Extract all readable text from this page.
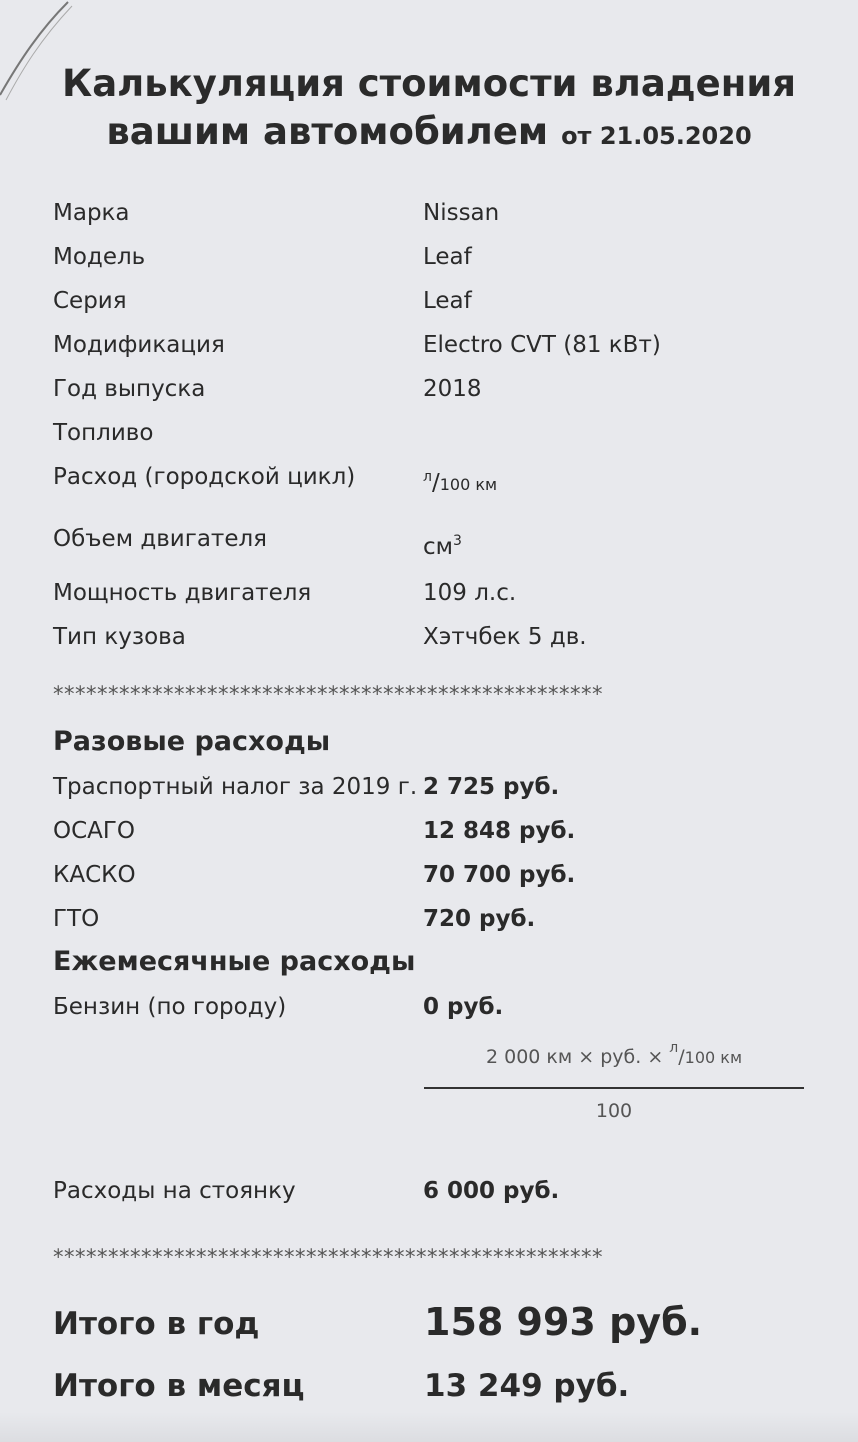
Калькуляция стоимости владения
вашим автомобилем от 21.05.2020
Марка	Nissan
Модель	Leaf
Серия	Leaf
Модификация	Electro CVT (81 кВт)
Год выпуска	2018
Топливо
Расход (городской цикл)	$^л$/100 км
Объем двигателя	$см^3$
Мощность двигателя	109 л.с.
Тип кузова	Хэтчбек 5 дв.
**************************************************
Разовые расходы
Траспортный налог за 2019 г. 2 725 руб.
ОСАГО	12 848 руб.
КАСКО	70 700 руб.
ГТО	720 руб.
Ежемесячные расходы
Бензин (по городу)	0 руб.
2 000 км × руб. × $^л$/100 км
100
Расходы на стоянку	6 000 руб.
**************************************************
Итого в год	158 993 руб.
Итого в месяц	13 249 руб.
